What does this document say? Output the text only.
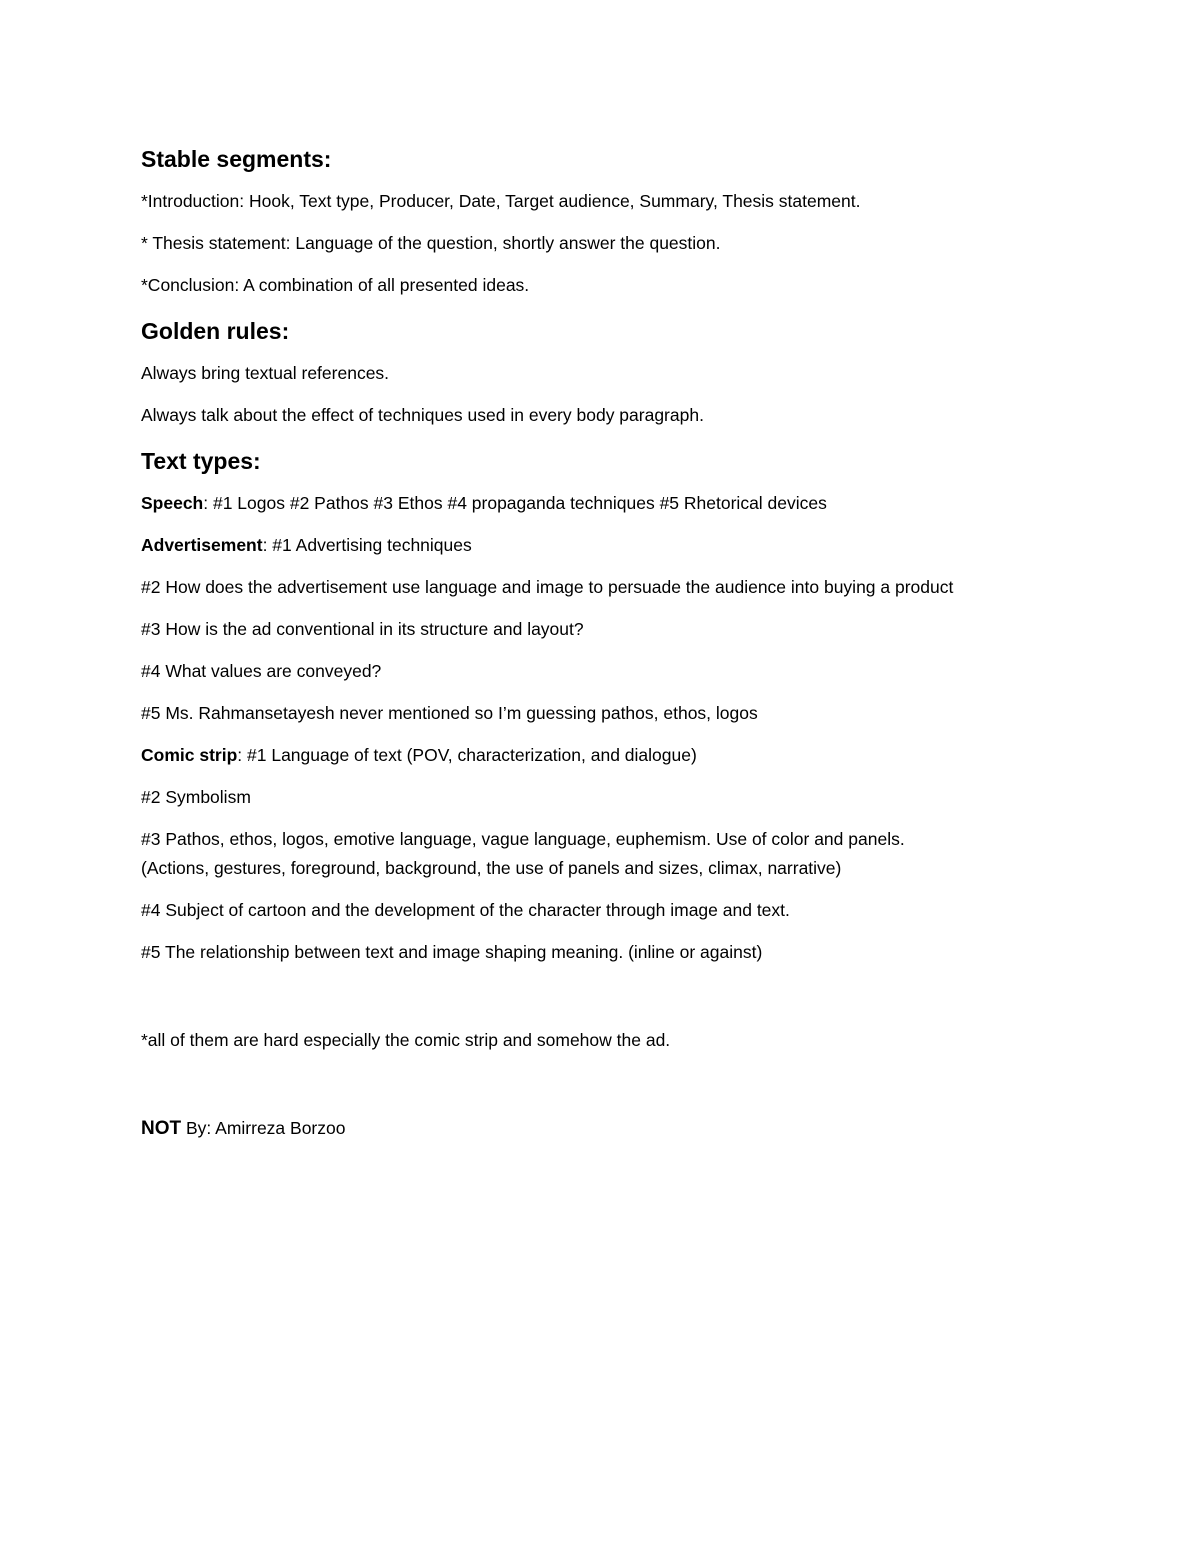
Stable segments:
*Introduction: Hook, Text type, Producer, Date, Target audience, Summary, Thesis statement.
* Thesis statement: Language of the question, shortly answer the question.
*Conclusion: A combination of all presented ideas.
Golden rules:
Always bring textual references.
Always talk about the effect of techniques used in every body paragraph.
Text types:
Speech: #1 Logos #2 Pathos #3 Ethos #4 propaganda techniques #5 Rhetorical devices
Advertisement: #1 Advertising techniques
#2 How does the advertisement use language and image to persuade the audience into buying a product
#3 How is the ad conventional in its structure and layout?
#4 What values are conveyed?
#5 Ms. Rahmansetayesh never mentioned so I’m guessing pathos, ethos, logos
Comic strip: #1 Language of text (POV, characterization, and dialogue)
#2 Symbolism
#3 Pathos, ethos, logos, emotive language, vague language, euphemism. Use of color and panels.
(Actions, gestures, foreground, background, the use of panels and sizes, climax, narrative)
#4 Subject of cartoon and the development of the character through image and text.
#5 The relationship between text and image shaping meaning. (inline or against)
*all of them are hard especially the comic strip and somehow the ad.
NOT By: Amirreza Borzoo
